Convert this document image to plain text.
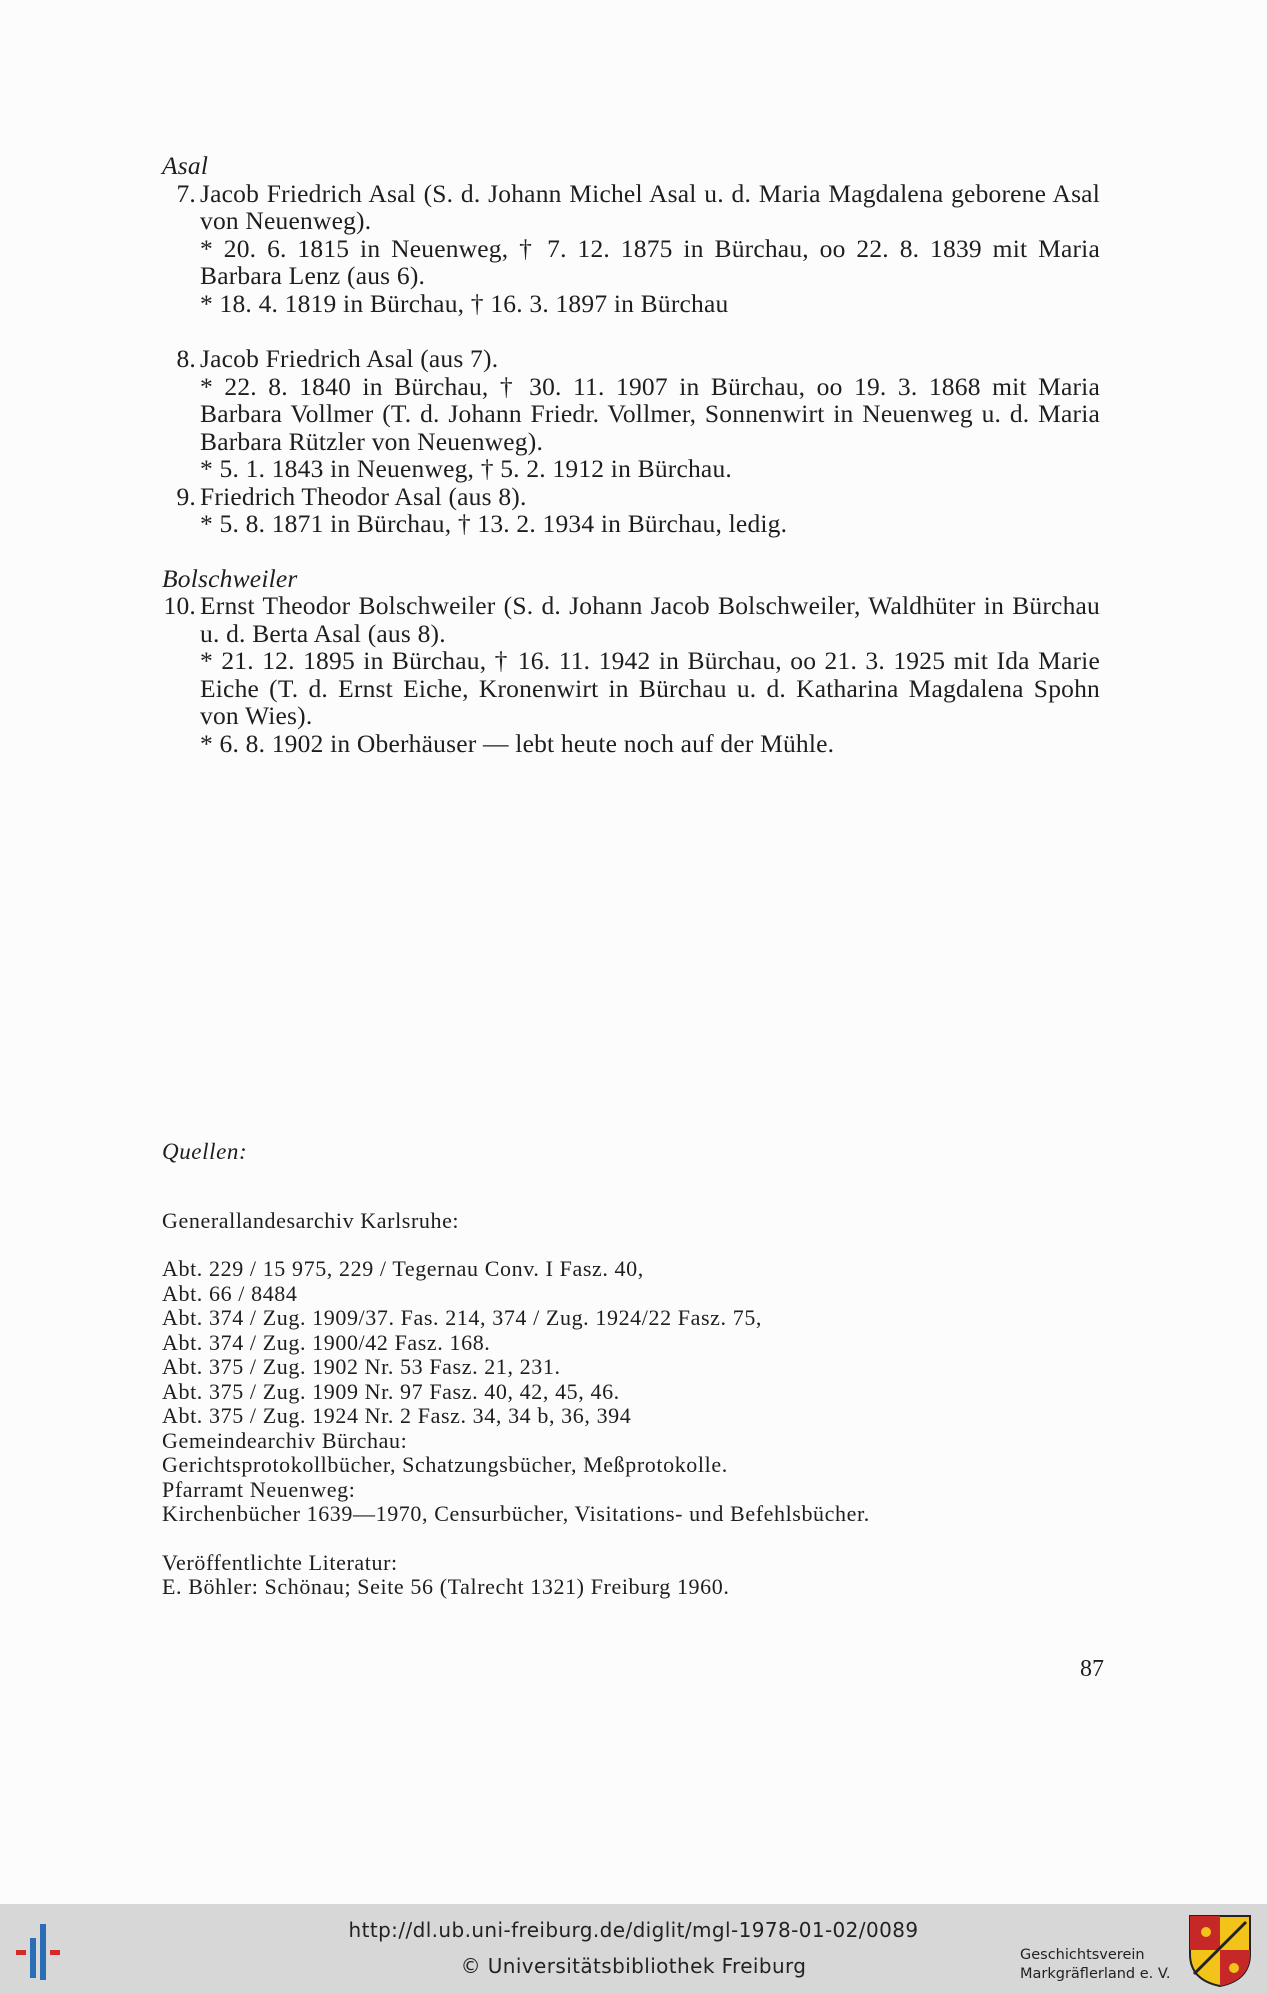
Asal

7. Jacob Friedrich Asal (S. d. Johann Michel Asal u. d. Maria Magdalena geborene Asal von Neuenweg).

* 20. 6. 1815 in Neuenweg, † 7. 12. 1875 in Bürchau, oo 22. 8. 1839 mit Maria Barbara Lenz (aus 6).

* 18. 4. 1819 in Bürchau, † 16. 3. 1897 in Bürchau

8. Jacob Friedrich Asal (aus 7).

* 22. 8. 1840 in Bürchau, † 30. 11. 1907 in Bürchau, oo 19. 3. 1868 mit Maria Barbara Vollmer (T. d. Johann Friedr. Vollmer, Sonnenwirt in Neuenweg u. d. Maria Barbara Rützler von Neuenweg).

* 5. 1. 1843 in Neuenweg, † 5. 2. 1912 in Bürchau.

9. Friedrich Theodor Asal (aus 8).

* 5. 8. 1871 in Bürchau, † 13. 2. 1934 in Bürchau, ledig.

Bolschweiler

10. Ernst Theodor Bolschweiler (S. d. Johann Jacob Bolschweiler, Waldhüter in Bürchau u. d. Berta Asal (aus 8).

* 21. 12. 1895 in Bürchau, † 16. 11. 1942 in Bürchau, oo 21. 3. 1925 mit Ida Marie Eiche (T. d. Ernst Eiche, Kronenwirt in Bürchau u. d. Katharina Magdalena Spohn von Wies).

* 6. 8. 1902 in Oberhäuser — lebt heute noch auf der Mühle.

Quellen:

Generallandesarchiv Karlsruhe:

Abt. 229 / 15 975, 229 / Tegernau Conv. I Fasz. 40,

Abt. 66 / 8484

Abt. 374 / Zug. 1909/37. Fas. 214, 374 / Zug. 1924/22 Fasz. 75,

Abt. 374 / Zug. 1900/42 Fasz. 168.

Abt. 375 / Zug. 1902 Nr. 53 Fasz. 21, 231.

Abt. 375 / Zug. 1909 Nr. 97 Fasz. 40, 42, 45, 46.

Abt. 375 / Zug. 1924 Nr. 2 Fasz. 34, 34 b, 36, 394

Gemeindearchiv Bürchau:

Gerichtsprotokollbücher, Schatzungsbücher, Meßprotokolle.

Pfarramt Neuenweg:

Kirchenbücher 1639—1970, Censurbücher, Visitations- und Befehlsbücher.

Veröffentlichte Literatur:

E. Böhler: Schönau; Seite 56 (Talrecht 1321) Freiburg 1960.

87
http://dl.ub.uni-freiburg.de/diglit/mgl-1978-01-02/0089
© Universitätsbibliothek Freiburg	Geschichtsverein
Markgräflerland e. V.
